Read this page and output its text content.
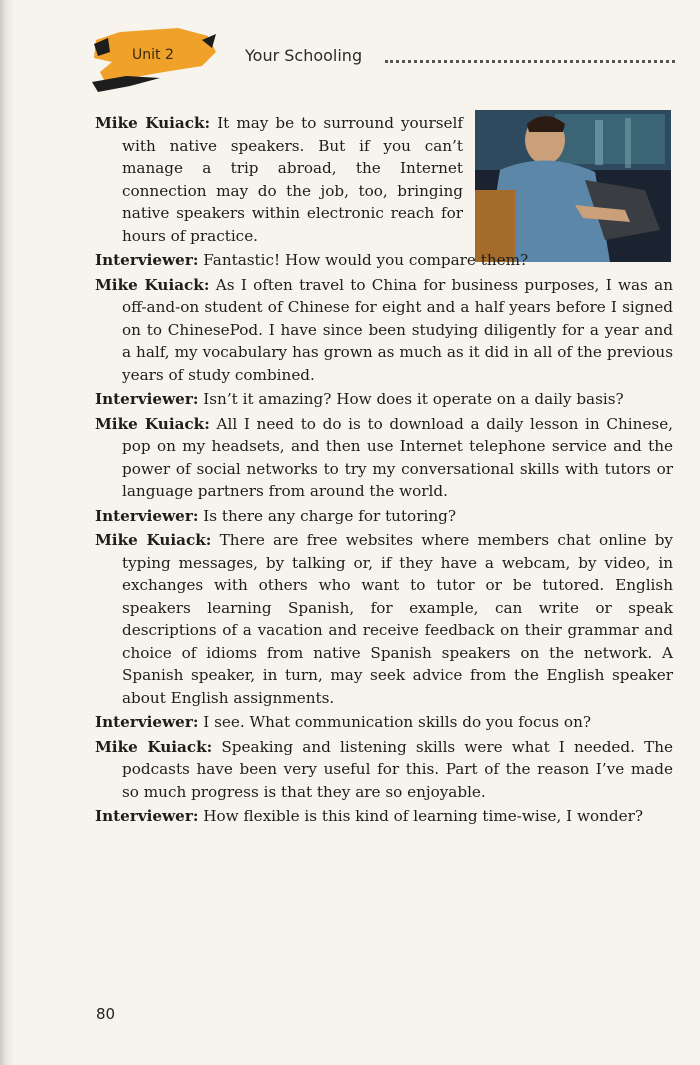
Unit 2	Your Schooling

Mike Kuiack: It may be to surround yourself with native speakers. But if you can’t manage a trip abroad, the Internet connection may do the job, too, bringing native speakers within electronic reach for hours of practice.

Interviewer: Fantastic! How would you compare them?

Mike Kuiack: As I often travel to China for business purposes, I was an off-and-on student of Chinese for eight and a half years before I signed on to ChinesePod. I have since been studying diligently for a year and a half, my vocabulary has grown as much as it did in all of the previous years of study combined.

Interviewer: Isn’t it amazing? How does it operate on a daily basis?

Mike Kuiack: All I need to do is to download a daily lesson in Chinese, pop on my headsets, and then use Internet telephone service and the power of social networks to try my conversational skills with tutors or language partners from around the world.

Interviewer: Is there any charge for tutoring?

Mike Kuiack: There are free websites where members chat online by typing messages, by talking or, if they have a webcam, by video, in exchanges with others who want to tutor or be tutored. English speakers learning Spanish, for example, can write or speak descriptions of a vacation and receive feedback on their grammar and choice of idioms from native Spanish speakers on the network. A Spanish speaker, in turn, may seek advice from the English speaker about English assignments.

Interviewer: I see. What communication skills do you focus on?

Mike Kuiack: Speaking and listening skills were what I needed. The podcasts have been very useful for this. Part of the reason I’ve made so much progress is that they are so enjoyable.

Interviewer: How flexible is this kind of learning time-wise, I wonder?

80
